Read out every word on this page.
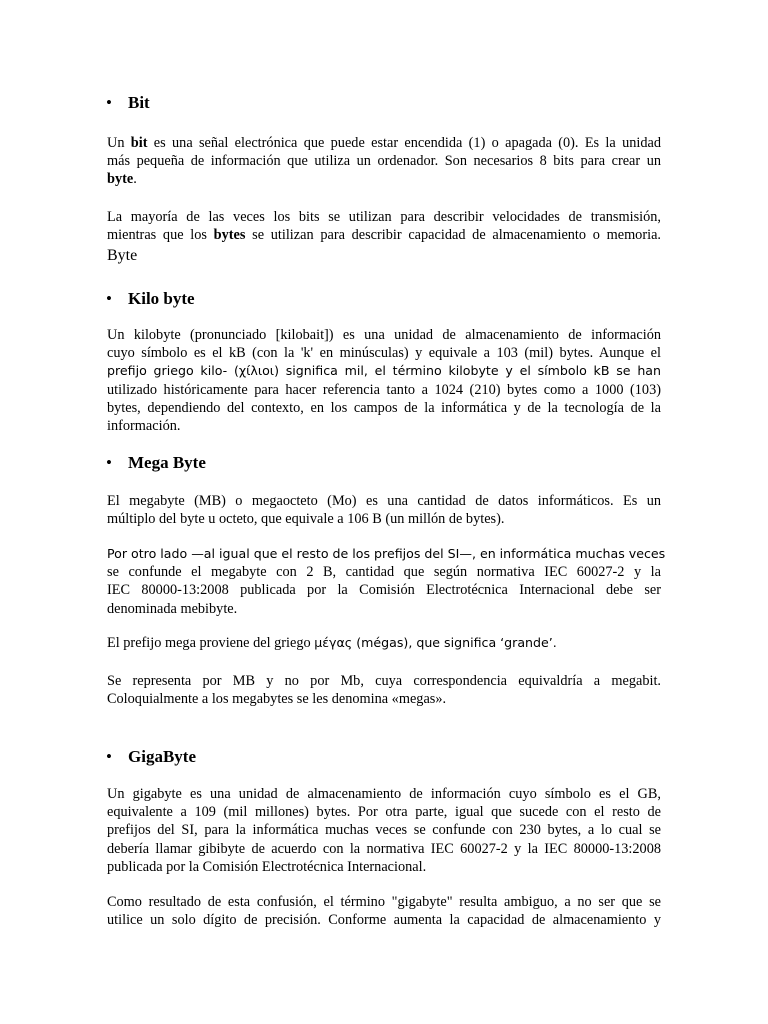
• Bit
Un bit es una señal electrónica que puede estar encendida (1) o apagada (0). Es la unidad
más pequeña de información que utiliza un ordenador. Son necesarios 8 bits para crear un
byte.
La mayoría de las veces los bits se utilizan para describir velocidades de transmisión,
mientras que los bytes se utilizan para describir capacidad de almacenamiento o memoria.
Byte
• Kilo byte
Un kilobyte (pronunciado [kilobait]) es una unidad de almacenamiento de información
cuyo símbolo es el kB (con la 'k' en minúsculas) y equivale a 103 (mil) bytes. Aunque el
prefijo griego kilo- (χίλιοι) significa mil, el término kilobyte y el símbolo kB se han
utilizado históricamente para hacer referencia tanto a 1024 (210) bytes como a 1000 (103)
bytes, dependiendo del contexto, en los campos de la informática y de la tecnología de la
información.
• Mega Byte
El megabyte (MB) o megaocteto (Mo) es una cantidad de datos informáticos. Es un
múltiplo del byte u octeto, que equivale a 106 B (un millón de bytes).
Por otro lado —al igual que el resto de los prefijos del SI—, en informática muchas veces
se confunde el megabyte con 2 B, cantidad que según normativa IEC 60027-2 y la
IEC 80000-13:2008 publicada por la Comisión Electrotécnica Internacional debe ser
denominada mebibyte.
El prefijo mega proviene del griego μέγας (mégas), que significa ‘grande’.
Se representa por MB y no por Mb, cuya correspondencia equivaldría a megabit.
Coloquialmente a los megabytes se les denomina «megas».
• GigaByte
Un gigabyte es una unidad de almacenamiento de información cuyo símbolo es el GB,
equivalente a 109 (mil millones) bytes. Por otra parte, igual que sucede con el resto de
prefijos del SI, para la informática muchas veces se confunde con 230 bytes, a lo cual se
debería llamar gibibyte de acuerdo con la normativa IEC 60027-2 y la IEC 80000-13:2008
publicada por la Comisión Electrotécnica Internacional.
Como resultado de esta confusión, el término "gigabyte" resulta ambiguo, a no ser que se
utilice un solo dígito de precisión. Conforme aumenta la capacidad de almacenamiento y
